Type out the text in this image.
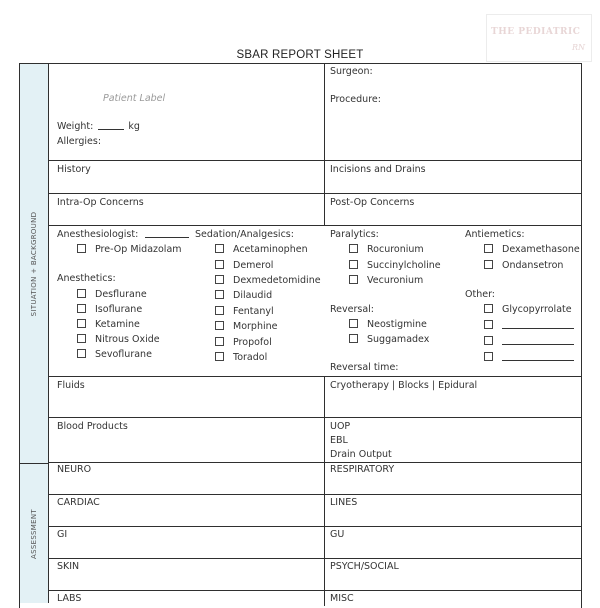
THE PEDIATRIC
RN
SBAR REPORT SHEET
SITUATION + BACKGROUND
ASSESSMENT
Patient Label
Weight:	kg
Allergies:
Surgeon:
Procedure:
History	Incisions and Drains
Intra-Op Concerns	Post-Op Concerns
Anesthesiologist:
Pre-Op Midazolam
Anesthetics:
Desflurane
Isoflurane
Ketamine
Nitrous Oxide
Sevoflurane
Sedation/Analgesics:
Acetaminophen
Demerol
Dexmedetomidine
Dilaudid
Fentanyl
Morphine
Propofol
Toradol
Paralytics:
Rocuronium
Succinylcholine
Vecuronium
Reversal:
Neostigmine
Suggamadex
Reversal time:
Antiemetics:
Dexamethasone
Ondansetron
Other:
Glycopyrrolate
Fluids	Cryotherapy | Blocks | Epidural
Blood Products	UOP
EBL
Drain Output
NEURO	RESPIRATORY
CARDIAC	LINES
GI	GU
SKIN	PSYCH/SOCIAL
LABS	MISC
